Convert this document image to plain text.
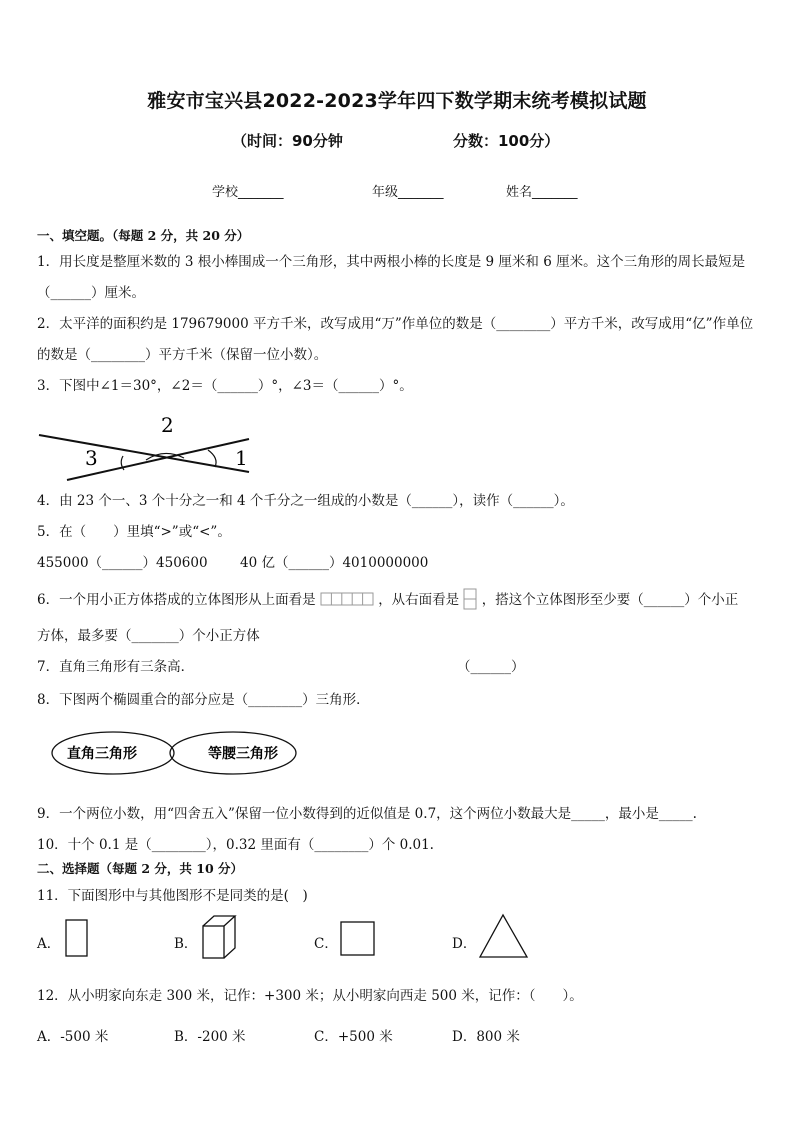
雅安市宝兴县2022-2023学年四下数学期末统考模拟试题
（时间：90分钟	分数：100分）
学校_______	年级_______	姓名_______
一、填空题。（每题 2 分，共 20 分）
1．用长度是整厘米数的 3 根小棒围成一个三角形，其中两根小棒的长度是 9 厘米和 6 厘米。这个三角形的周长最短是
（______）厘米。
2．太平洋的面积约是 179679000 平方千米，改写成用“万”作单位的数是（________）平方千米，改写成用“亿”作单位
的数是（________）平方千米（保留一位小数）。
3．下图中∠1＝30°，∠2＝（______）°，∠3＝（______）°。
2
3	1
4．由 23 个一、3 个十分之一和 4 个千分之一组成的小数是（______），读作（______）。
5．在（　　）里填“>”或“<”。
455000（______）450600 40 亿（______）4010000000
6．一个用小正方体搭成的立体图形从上面看是	，从右面看是 ，搭这个立体图形至少要（______）个小正
方体，最多要（_______）个小正方体
7．直角三角形有三条高．	（______）
8．下图两个椭圆重合的部分应是（________）三角形．
直角三角形	等腰三角形
9．一个两位小数，用“四舍五入”保留一位小数得到的近似值是 0.7，这个两位小数最大是_____，最小是_____.
10．十个 0.1 是（________），0.32 里面有（________）个 0.01.
二、选择题（每题 2 分，共 10 分）
11．下面图形中与其他图形不是同类的是(　)
A．	B．	C．	D．
12．从小明家向东走 300 米，记作：+300 米；从小明家向西走 500 米，记作：（　　）。
A．-500 米	B．-200 米	C．+500 米	D．800 米
